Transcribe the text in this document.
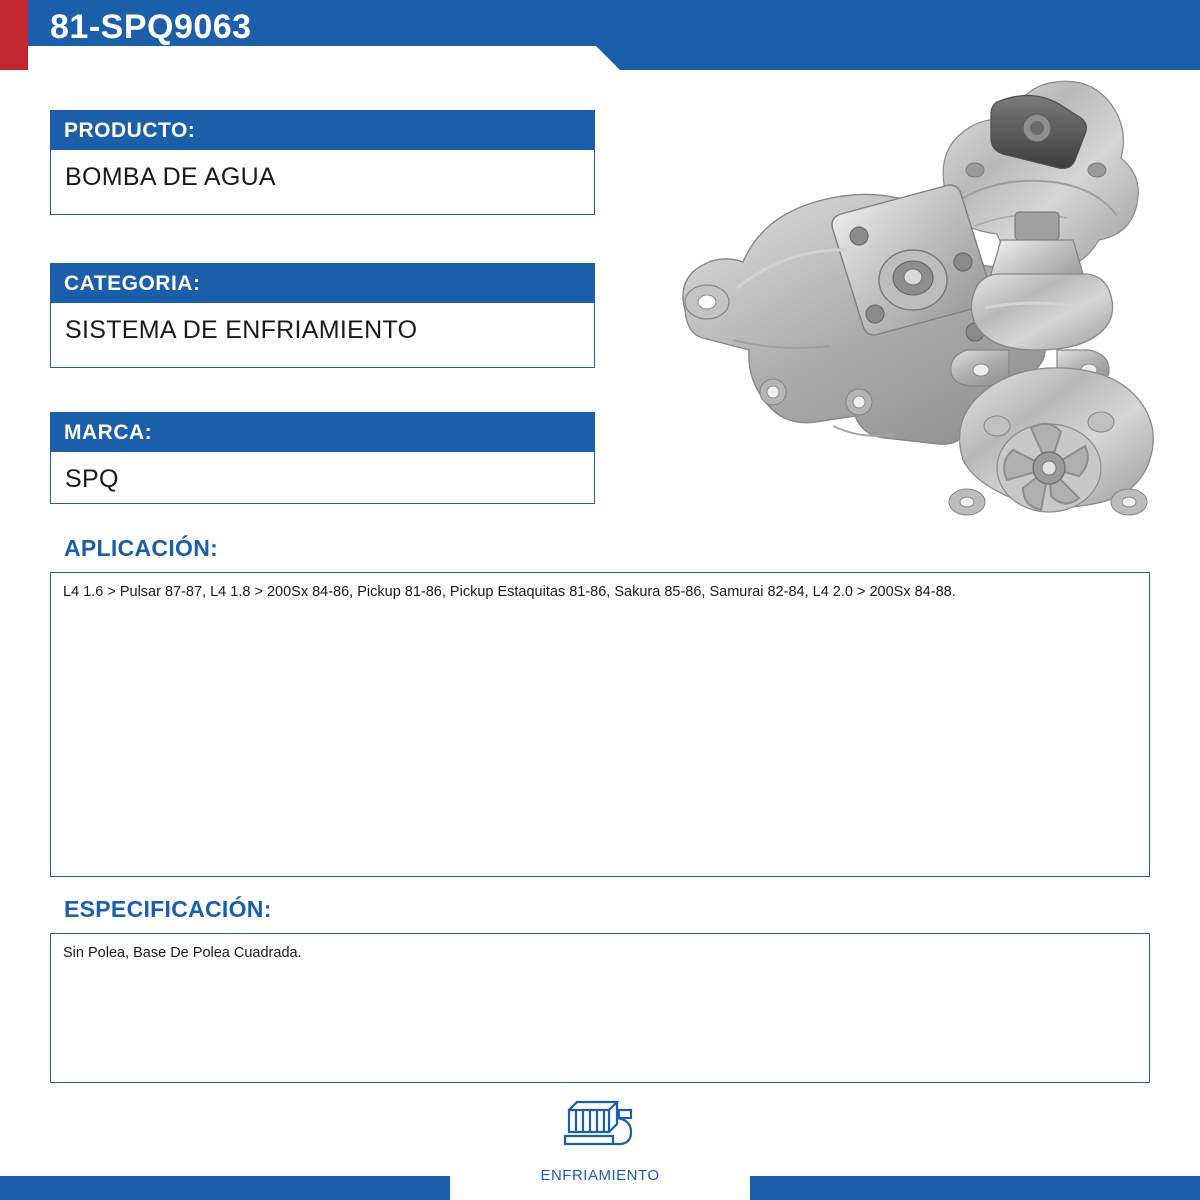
81-SPQ9063
PRODUCTO:
BOMBA DE AGUA
CATEGORIA:
SISTEMA DE ENFRIAMIENTO
MARCA:
SPQ
APLICACIÓN:
L4 1.6 > Pulsar 87-87, L4 1.8 > 200Sx 84-86, Pickup 81-86, Pickup Estaquitas 81-86, Sakura 85-86, Samurai 82-84, L4 2.0 > 200Sx 84-88.
ESPECIFICACIÓN:
Sin Polea, Base De Polea Cuadrada.
ENFRIAMIENTO
